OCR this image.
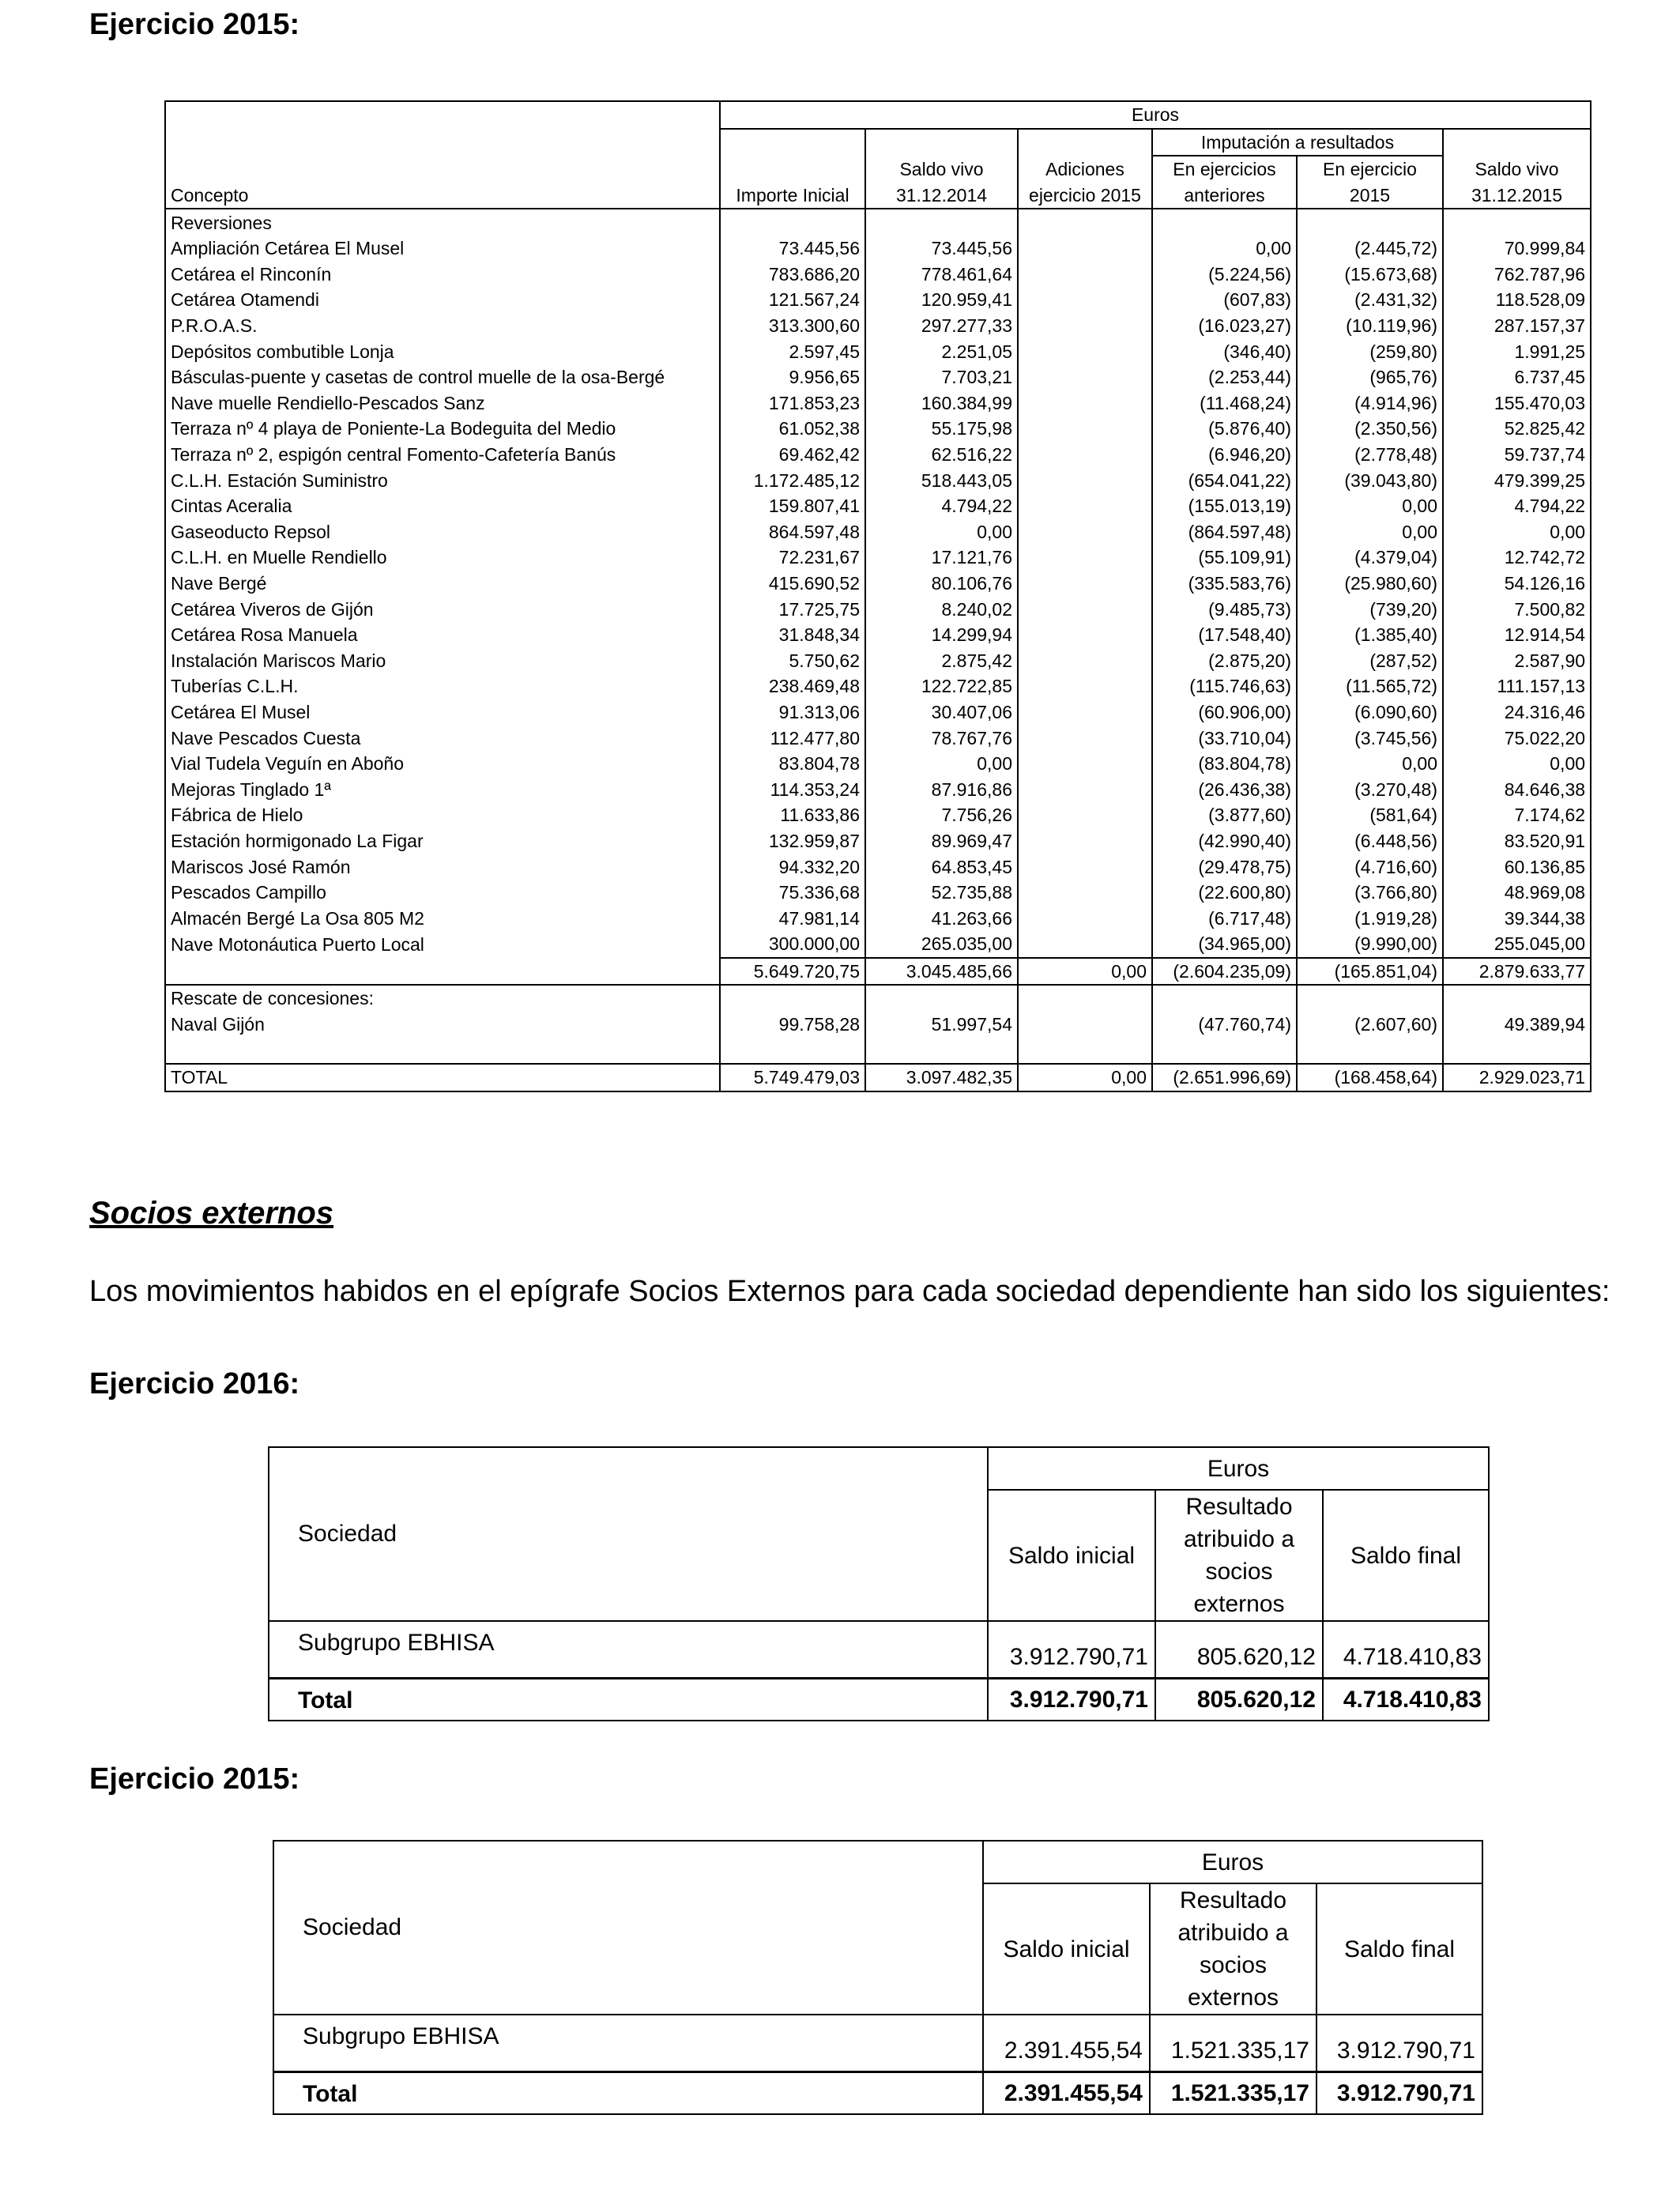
Ejercicio 2015:
Concepto	Euros					
				Imputación a resultados		
		Saldo vivo	Adiciones	En ejercicios	En ejercicio	Saldo vivo
	Importe Inicial	31.12.2014	ejercicio 2015	anteriores	2015	31.12.2015
Reversiones						
Ampliación Cetárea El Musel	73.445,56	73.445,56		0,00	(2.445,72)	70.999,84
Cetárea el Rinconín	783.686,20	778.461,64		(5.224,56)	(15.673,68)	762.787,96
Cetárea Otamendi	121.567,24	120.959,41		(607,83)	(2.431,32)	118.528,09
P.R.O.A.S.	313.300,60	297.277,33		(16.023,27)	(10.119,96)	287.157,37
Depósitos combutible Lonja	2.597,45	2.251,05		(346,40)	(259,80)	1.991,25
Básculas-puente y casetas de control muelle de la osa-Bergé	9.956,65	7.703,21		(2.253,44)	(965,76)	6.737,45
Nave muelle Rendiello-Pescados Sanz	171.853,23	160.384,99		(11.468,24)	(4.914,96)	155.470,03
Terraza nº 4 playa de Poniente-La Bodeguita del Medio	61.052,38	55.175,98		(5.876,40)	(2.350,56)	52.825,42
Terraza nº 2, espigón central Fomento-Cafetería Banús	69.462,42	62.516,22		(6.946,20)	(2.778,48)	59.737,74
C.L.H. Estación Suministro	1.172.485,12	518.443,05		(654.041,22)	(39.043,80)	479.399,25
Cintas Aceralia	159.807,41	4.794,22		(155.013,19)	0,00	4.794,22
Gaseoducto Repsol	864.597,48	0,00		(864.597,48)	0,00	0,00
C.L.H. en Muelle Rendiello	72.231,67	17.121,76		(55.109,91)	(4.379,04)	12.742,72
Nave Bergé	415.690,52	80.106,76		(335.583,76)	(25.980,60)	54.126,16
Cetárea Viveros de Gijón	17.725,75	8.240,02		(9.485,73)	(739,20)	7.500,82
Cetárea Rosa Manuela	31.848,34	14.299,94		(17.548,40)	(1.385,40)	12.914,54
Instalación Mariscos Mario	5.750,62	2.875,42		(2.875,20)	(287,52)	2.587,90
Tuberías C.L.H.	238.469,48	122.722,85		(115.746,63)	(11.565,72)	111.157,13
Cetárea El Musel	91.313,06	30.407,06		(60.906,00)	(6.090,60)	24.316,46
Nave Pescados Cuesta	112.477,80	78.767,76		(33.710,04)	(3.745,56)	75.022,20
Vial Tudela Veguín en Aboño	83.804,78	0,00		(83.804,78)	0,00	0,00
Mejoras Tinglado 1ª	114.353,24	87.916,86		(26.436,38)	(3.270,48)	84.646,38
Fábrica de Hielo	11.633,86	7.756,26		(3.877,60)	(581,64)	7.174,62
Estación hormigonado La Figar	132.959,87	89.969,47		(42.990,40)	(6.448,56)	83.520,91
Mariscos José Ramón	94.332,20	64.853,45		(29.478,75)	(4.716,60)	60.136,85
Pescados Campillo	75.336,68	52.735,88		(22.600,80)	(3.766,80)	48.969,08
Almacén Bergé La Osa 805 M2	47.981,14	41.263,66		(6.717,48)	(1.919,28)	39.344,38
Nave Motonáutica Puerto Local	300.000,00	265.035,00		(34.965,00)	(9.990,00)	255.045,00
	5.649.720,75	3.045.485,66	0,00	(2.604.235,09)	(165.851,04)	2.879.633,77
Rescate de concesiones:						
Naval Gijón	99.758,28	51.997,54		(47.760,74)	(2.607,60)	49.389,94

TOTAL	5.749.479,03	3.097.482,35	0,00	(2.651.996,69)	(168.458,64)	2.929.023,71
Socios externos

Los movimientos habidos en el epígrafe Socios Externos para cada sociedad dependiente han sido los siguientes:

Ejercicio 2016:
Sociedad	Euros		
	Saldo inicial	Resultado atribuido a socios externos	Saldo final
Subgrupo EBHISA	3.912.790,71	805.620,12	4.718.410,83
Total	3.912.790,71	805.620,12	4.718.410,83
Ejercicio 2015:
Sociedad	Euros		
	Saldo inicial	Resultado atribuido a socios externos	Saldo final
Subgrupo EBHISA	2.391.455,54	1.521.335,17	3.912.790,71
Total	2.391.455,54	1.521.335,17	3.912.790,71
